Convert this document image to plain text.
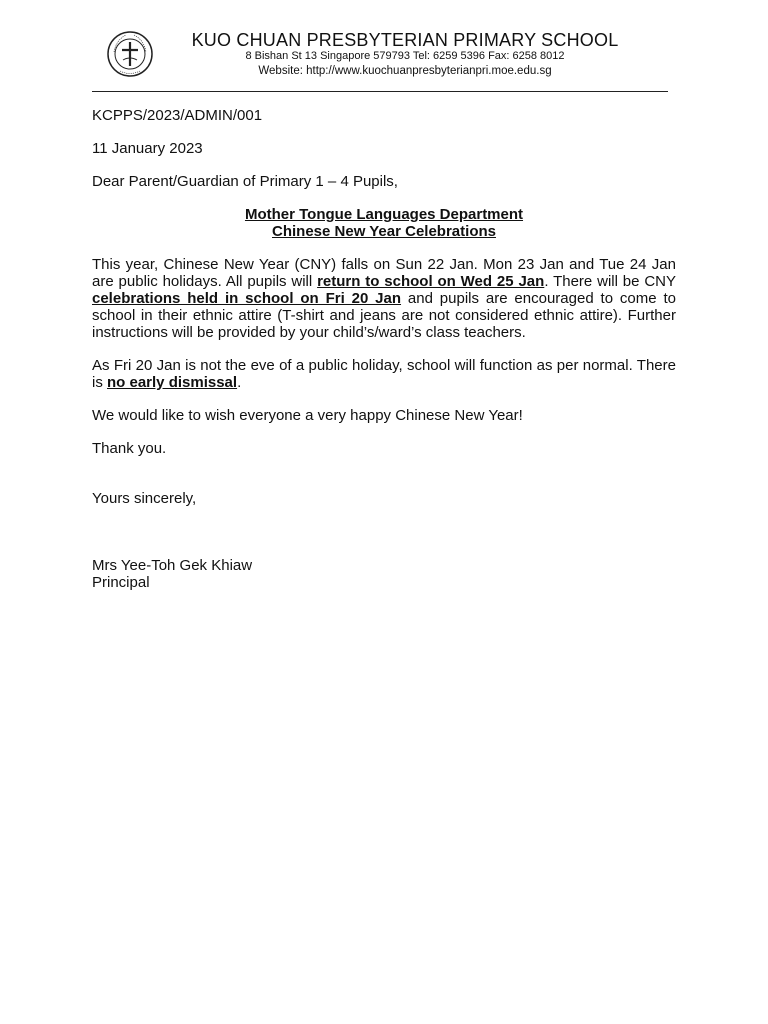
KUO CHUAN PRESBYTERIAN PRIMARY SCHOOL
8 Bishan St 13 Singapore 579793 Tel: 6259 5396 Fax: 6258 8012
Website: http://www.kuochuanpresbyterianpri.moe.edu.sg

KCPPS/2023/ADMIN/001

11 January 2023

Dear Parent/Guardian of Primary 1 – 4 Pupils,

Mother Tongue Languages Department
Chinese New Year Celebrations

This year, Chinese New Year (CNY) falls on Sun 22 Jan. Mon 23 Jan and Tue 24 Jan are public holidays. All pupils will return to school on Wed 25 Jan. There will be CNY celebrations held in school on Fri 20 Jan and pupils are encouraged to come to school in their ethnic attire (T-shirt and jeans are not considered ethnic attire). Further instructions will be provided by your child’s/ward’s class teachers.

As Fri 20 Jan is not the eve of a public holiday, school will function as per normal. There is no early dismissal.

We would like to wish everyone a very happy Chinese New Year!

Thank you.

Yours sincerely,

Mrs Yee-Toh Gek Khiaw

Principal
